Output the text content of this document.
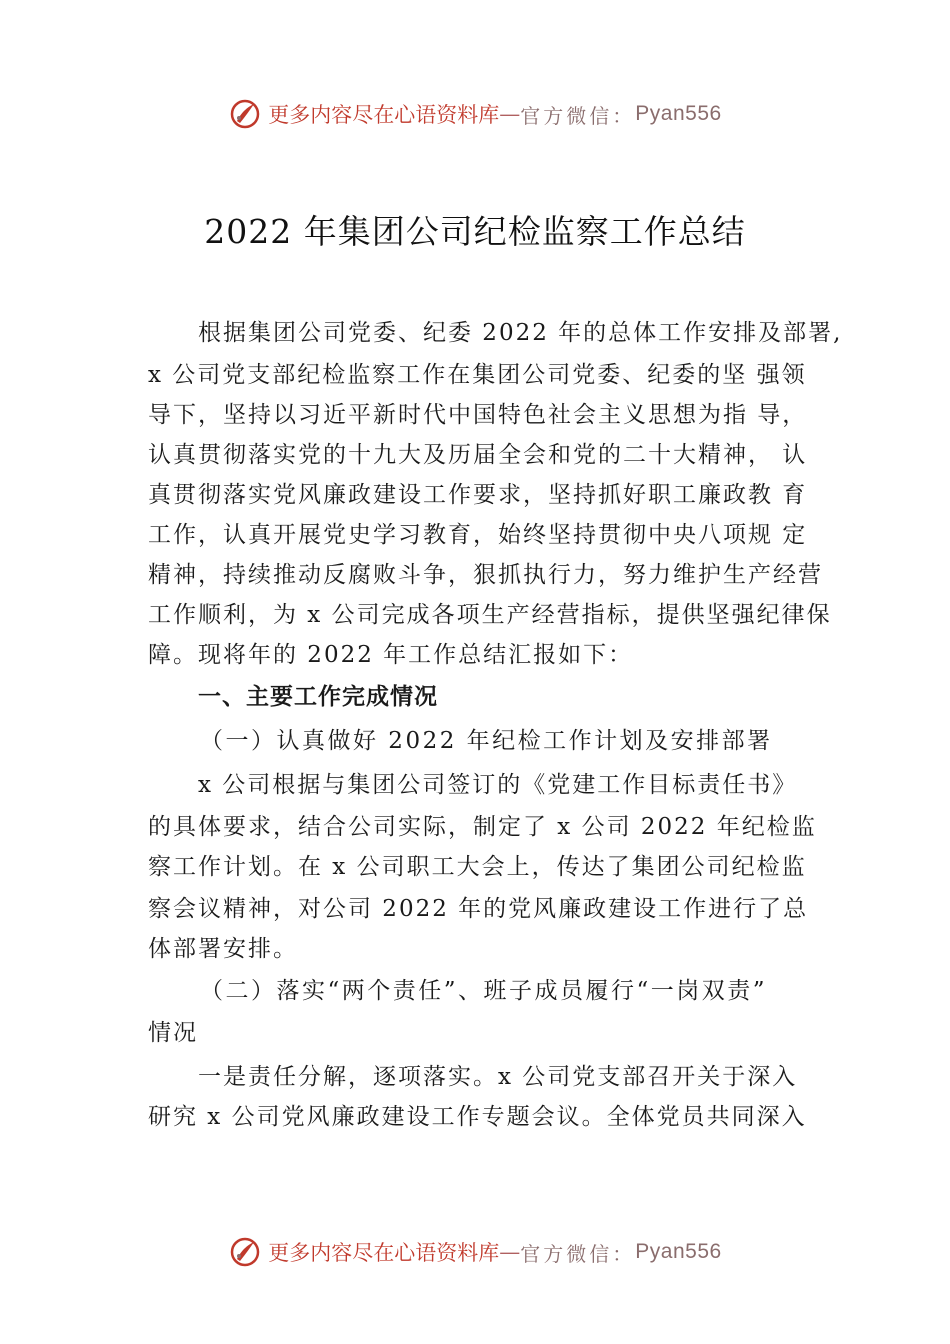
更多内容尽在心语资料库 — 官方微信： Pyan556
2022 年集团公司纪检监察工作总结
根据集团公司党委、纪委 2022 年的总体工作安排及部署,
x 公司党支部纪检监察工作在集团公司党委、纪委的坚 强领
导下，坚持以习近平新时代中国特色社会主义思想为指 导，
认真贯彻落实党的十九大及历届全会和党的二十大精神， 认
真贯彻落实党风廉政建设工作要求，坚持抓好职工廉政教 育
工作，认真开展党史学习教育，始终坚持贯彻中央八项规 定
精神，持续推动反腐败斗争，狠抓执行力，努力维护生产经营
工作顺利，为 x 公司完成各项生产经营指标，提供坚强纪律保
障。现将年的 2022 年工作总结汇报如下：
一、主要工作完成情况
（一）认真做好 2022 年纪检工作计划及安排部署
x 公司根据与集团公司签订的《党建工作目标责任书》
的具体要求，结合公司实际，制定了 x 公司 2022 年纪检监
察工作计划。在 x 公司职工大会上，传达了集团公司纪检监
察会议精神，对公司 2022 年的党风廉政建设工作进行了总
体部署安排。
（二）落实“两个责任”、班子成员履行“一岗双责”
情况
一是责任分解，逐项落实。x 公司党支部召开关于深入
研究 x 公司党风廉政建设工作专题会议。全体党员共同深入
更多内容尽在心语资料库 — 官方微信： Pyan556
